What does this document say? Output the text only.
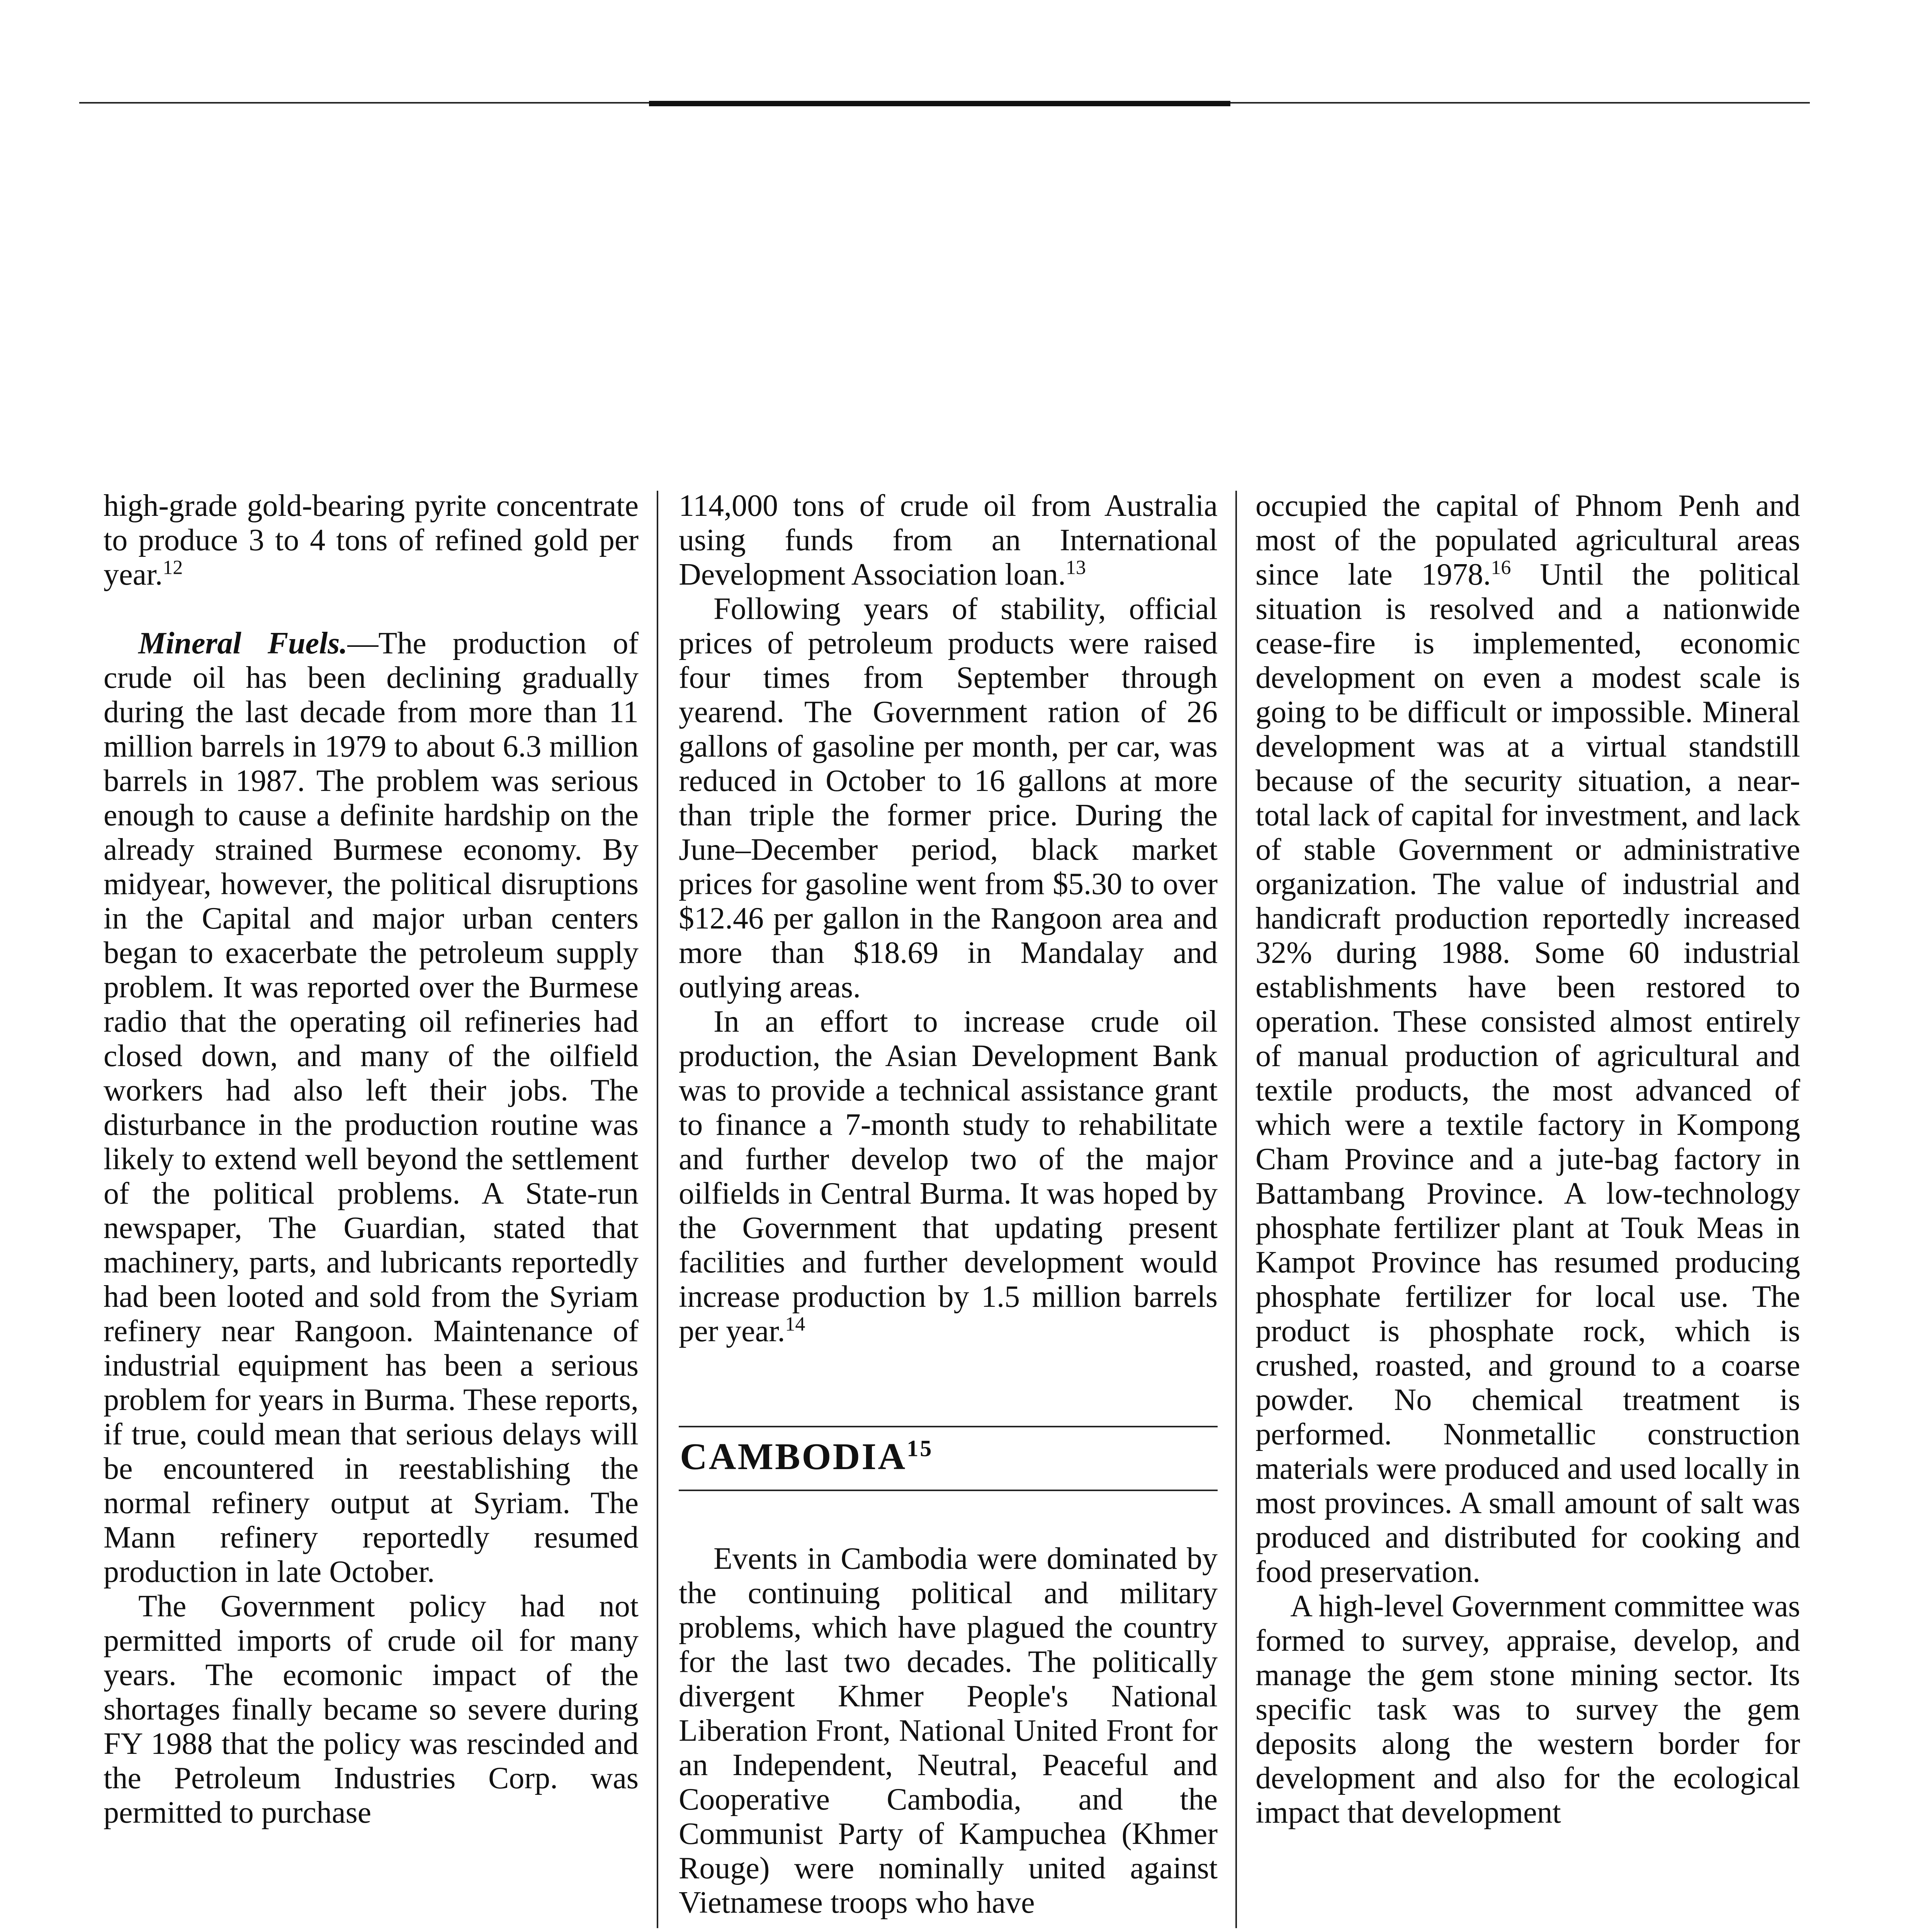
high-grade gold-bearing pyrite concentrate to produce 3 to 4 tons of refined gold per year.$^{12}$

Mineral Fuels.—The production of crude oil has been declining gradually during the last decade from more than 11 million barrels in 1979 to about 6.3 million barrels in 1987. The problem was serious enough to cause a definite hardship on the already strained Burmese economy. By midyear, however, the political disruptions in the Capital and major urban centers began to exacerbate the petroleum supply problem. It was reported over the Burmese radio that the operating oil refineries had closed down, and many of the oilfield workers had also left their jobs. The disturbance in the production routine was likely to extend well beyond the settlement of the political problems. A State-run newspaper, The Guardian, stated that machinery, parts, and lubricants reportedly had been looted and sold from the Syriam refinery near Rangoon. Maintenance of industrial equipment has been a serious problem for years in Burma. These reports, if true, could mean that serious delays will be encountered in reestablishing the normal refinery output at Syriam. The Mann refinery reportedly resumed production in late October.

The Government policy had not permitted imports of crude oil for many years. The ecomonic impact of the shortages finally became so severe during FY 1988 that the policy was rescinded and the Petroleum Industries Corp. was permitted to purchase

114,000 tons of crude oil from Australia using funds from an International Development Association loan.$^{13}$

Following years of stability, official prices of petroleum products were raised four times from September through yearend. The Government ration of 26 gallons of gasoline per month, per car, was reduced in October to 16 gallons at more than triple the former price. During the June–December period, black market prices for gasoline went from $5.30 to over $12.46 per gallon in the Rangoon area and more than $18.69 in Mandalay and outlying areas.

In an effort to increase crude oil production, the Asian Development Bank was to provide a technical assistance grant to finance a 7-month study to rehabilitate and further develop two of the major oilfields in Central Burma. It was hoped by the Government that updating present facilities and further development would increase production by 1.5 million barrels per year.$^{14}$

Events in Cambodia were dominated by the continuing political and military problems, which have plagued the country for the last two decades. The politically divergent Khmer People's National Liberation Front, National United Front for an Independent, Neutral, Peaceful and Cooperative Cambodia, and the Communist Party of Kampuchea (Khmer Rouge) were nominally united against Vietnamese troops who have

CAMBODIA$^{15}$

occupied the capital of Phnom Penh and most of the populated agricultural areas since late 1978.16 Until the political situation is resolved and a nationwide cease-fire is implemented, economic development on even a modest scale is going to be difficult or impossible. Mineral development was at a virtual standstill because of the security situation, a near-total lack of capital for investment, and lack of stable Government or administrative organization. The value of industrial and handicraft production reportedly increased 32% during 1988. Some 60 industrial establishments have been restored to operation. These consisted almost entirely of manual production of agricultural and textile products, the most advanced of which were a textile factory in Kompong Cham Province and a jute-bag factory in Battambang Province. A low-technology phosphate fertilizer plant at Touk Meas in Kampot Province has resumed producing phosphate fertilizer for local use. The product is phosphate rock, which is crushed, roasted, and ground to a coarse powder. No chemical treatment is performed. Nonmetallic construction materials were produced and used locally in most provinces. A small amount of salt was produced and distributed for cooking and food preservation.

A high-level Government committee was formed to survey, appraise, develop, and manage the gem stone mining sector. Its specific task was to survey the gem deposits along the western border for development and also for the ecological impact that development
